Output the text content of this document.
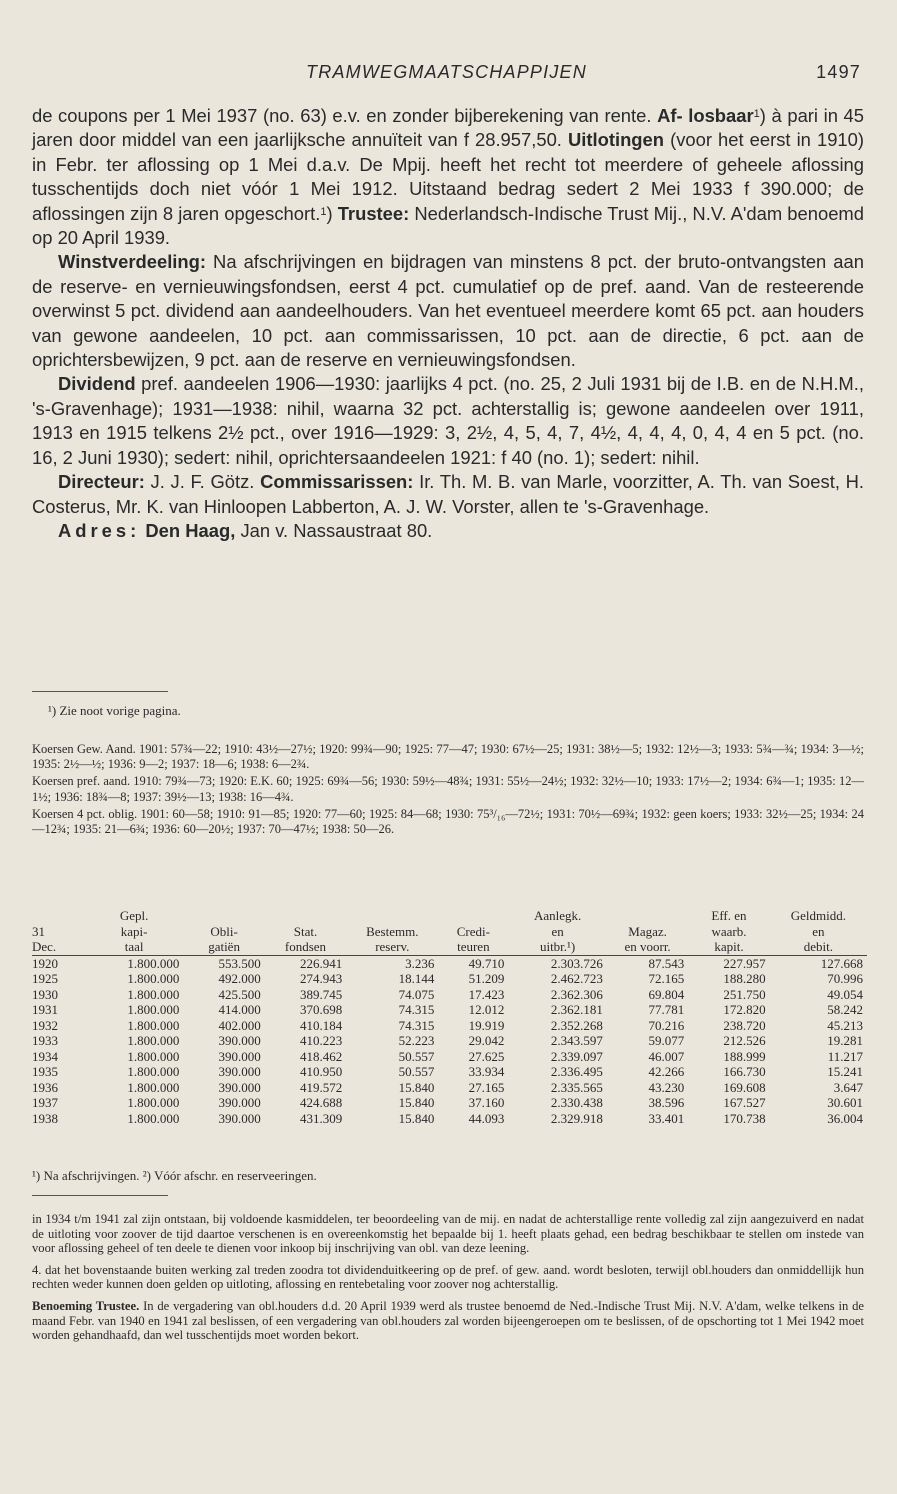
TRAMWEGMAATSCHAPPIJEN	1497

de coupons per 1 Mei 1937 (no. 63) e.v. en zonder bijberekening van rente. Af- losbaar$^1$) à pari in 45 jaren door middel van een jaarlijksche annuïteit van f 28.957,50. Uitlotingen (voor het eerst in 1910) in Febr. ter aflossing op 1 Mei d.a.v. De Mpij. heeft het recht tot meerdere of geheele aflossing tusschentijds doch niet vóór 1 Mei 1912. Uitstaand bedrag sedert 2 Mei 1933 f 390.000; de aflossingen zijn 8 jaren opgeschort.$^1$) Trustee: Nederlandsch-Indische Trust Mij., N.V. A'dam benoemd op 20 April 1939.

Winstverdeeling: Na afschrijvingen en bijdragen van minstens 8 pct. der bruto-ontvangsten aan de reserve- en vernieuwingsfondsen, eerst 4 pct. cumulatief op de pref. aand. Van de resteerende overwinst 5 pct. dividend aan aandeelhouders. Van het eventueel meerdere komt 65 pct. aan houders van gewone aandeelen, 10 pct. aan commissarissen, 10 pct. aan de directie, 6 pct. aan de oprichtersbewijzen, 9 pct. aan de reserve en vernieuwingsfondsen.

Dividend pref. aandeelen 1906—1930: jaarlijks 4 pct. (no. 25, 2 Juli 1931 bij de I.B. en de N.H.M., 's-Gravenhage); 1931—1938: nihil, waarna 32 pct. achterstallig is; gewone aandeelen over 1911, 1913 en 1915 telkens 2½ pct., over 1916—1929: 3, 2½, 4, 5, 4, 7, 4½, 4, 4, 4, 0, 4, 4 en 5 pct. (no. 16, 2 Juni 1930); sedert: nihil, oprichtersaandeelen 1921: f 40 (no. 1); sedert: nihil.

Directeur: J. J. F. Götz. Commissarissen: Ir. Th. M. B. van Marle, voorzitter, A. Th. van Soest, H. Costerus, Mr. K. van Hinloopen Labberton, A. J. W. Vorster, allen te 's-Gravenhage.

Adres: Den Haag, Jan v. Nassaustraat 80.

¹) Zie noot vorige pagina.

Koersen Gew. Aand. 1901: 57¾—22; 1910: 43½—27½; 1920: 99¾—90; 1925: 77—47; 1930: 67½—25; 1931: 38½—5; 1932: 12½—3; 1933: 5¾—¾; 1934: 3—½; 1935: 2½—½; 1936: 9—2; 1937: 18—6; 1938: 6—2¾.

Koersen pref. aand. 1910: 79¾—73; 1920: E.K. 60; 1925: 69¾—56; 1930: 59½—48¾; 1931: 55½—24½; 1932: 32½—10; 1933: 17½—2; 1934: 6¾—1; 1935: 12—1½; 1936: 18¾—8; 1937: 39½—13; 1938: 16—4¾.

Koersen 4 pct. oblig. 1901: 60—58; 1910: 91—85; 1920: 77—60; 1925: 84—68; 1930: 75³/₁₆—72½; 1931: 70½—69¾; 1932: geen koers; 1933: 32½—25; 1934: 24—12¾; 1935: 21—6¾; 1936: 60—20½; 1937: 70—47½; 1938: 50—26.

	Gepl.					Aanlegk.		Eff. en	Geldmidd.
31	kapi-	Obli-	Stat.	Bestemm.	Credi-	en	Magaz.	waarb.	en
Dec.	taal	gatiën	fondsen	reserv.	teuren	uitbr.¹)	en voorr.	kapit.	debit.
1920	1.800.000	553.500	226.941	3.236	49.710	2.303.726	87.543	227.957	127.668
1925	1.800.000	492.000	274.943	18.144	51.209	2.462.723	72.165	188.280	70.996
1930	1.800.000	425.500	389.745	74.075	17.423	2.362.306	69.804	251.750	49.054
1931	1.800.000	414.000	370.698	74.315	12.012	2.362.181	77.781	172.820	58.242
1932	1.800.000	402.000	410.184	74.315	19.919	2.352.268	70.216	238.720	45.213
1933	1.800.000	390.000	410.223	52.223	29.042	2.343.597	59.077	212.526	19.281
1934	1.800.000	390.000	418.462	50.557	27.625	2.339.097	46.007	188.999	11.217
1935	1.800.000	390.000	410.950	50.557	33.934	2.336.495	42.266	166.730	15.241
1936	1.800.000	390.000	419.572	15.840	27.165	2.335.565	43.230	169.608	3.647
1937	1.800.000	390.000	424.688	15.840	37.160	2.330.438	38.596	167.527	30.601
1938	1.800.000	390.000	431.309	15.840	44.093	2.329.918	33.401	170.738	36.004
¹) Na afschrijvingen. ²) Vóór afschr. en reserveeringen.

in 1934 t/m 1941 zal zijn ontstaan, bij voldoende kasmiddelen, ter beoordeeling van de mij. en nadat de achterstallige rente volledig zal zijn aangezuiverd en nadat de uitloting voor zoover de tijd daartoe verschenen is en overeenkomstig het bepaalde bij 1. heeft plaats gehad, een bedrag beschikbaar te stellen om instede van voor aflossing geheel of ten deele te dienen voor inkoop bij inschrijving van obl. van deze leening.

4. dat het bovenstaande buiten werking zal treden zoodra tot dividenduitkeering op de pref. of gew. aand. wordt besloten, terwijl obl.houders dan onmiddellijk hun rechten weder kunnen doen gelden op uitloting, aflossing en rentebetaling voor zoover nog achterstallig.

Benoeming Trustee. In de vergadering van obl.houders d.d. 20 April 1939 werd als trustee benoemd de Ned.-Indische Trust Mij. N.V. A'dam, welke telkens in de maand Febr. van 1940 en 1941 zal beslissen, of een vergadering van obl.houders zal worden bijeengeroepen om te beslissen, of de opschorting tot 1 Mei 1942 moet worden gehandhaafd, dan wel tusschentijds moet worden bekort.
